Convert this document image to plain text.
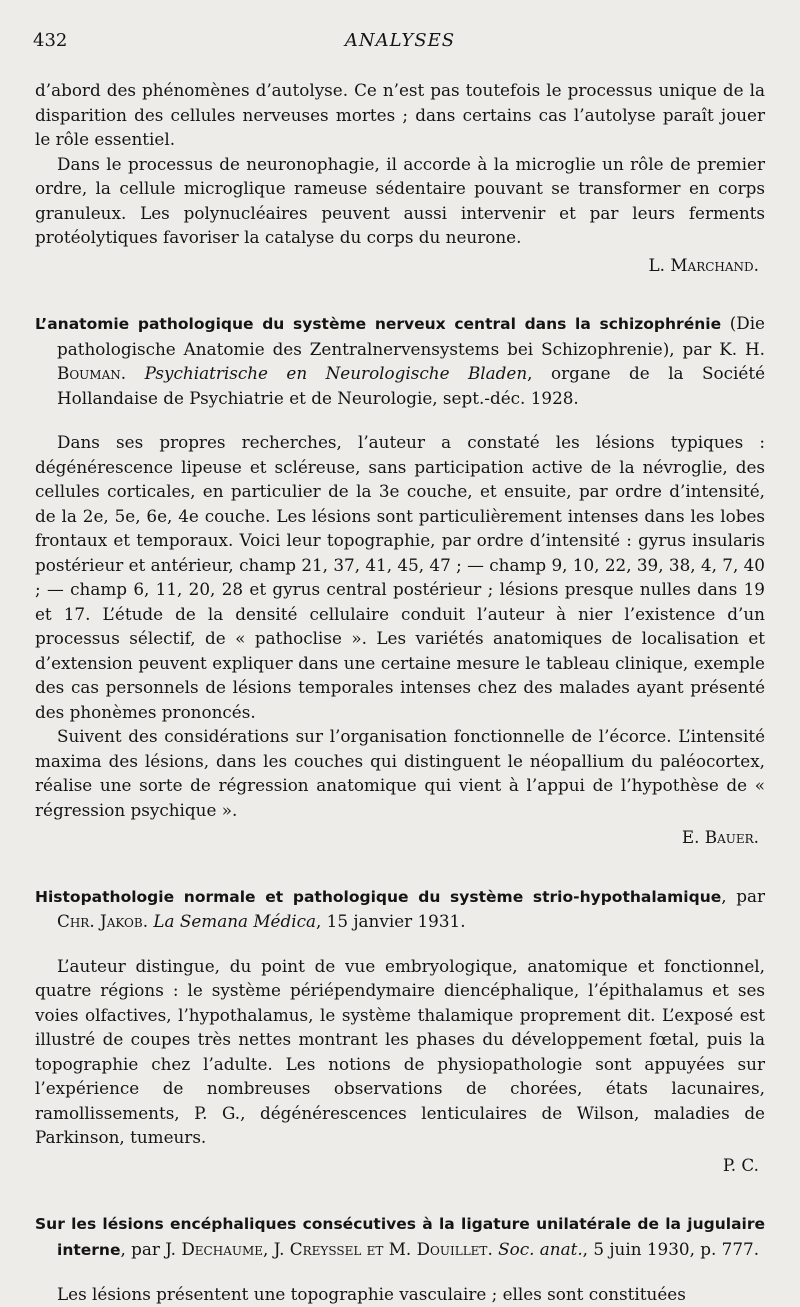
432	ANALYSES

d’abord des phénomènes d’autolyse. Ce n’est pas toutefois le processus unique de la disparition des cellules nerveuses mortes ; dans certains cas l’autolyse paraît jouer le rôle essentiel.

Dans le processus de neuronophagie, il accorde à la microglie un rôle de premier ordre, la cellule microglique rameuse sédentaire pouvant se transformer en corps granuleux. Les polynucléaires peuvent aussi intervenir et par leurs ferments protéolytiques favoriser la catalyse du corps du neurone.

L. Marchand.

L’anatomie pathologique du système nerveux central dans la schizophrénie (Die pathologische Anatomie des Zentralnervensystems bei Schizophrenie), par K. H. Bouman. Psychiatrische en Neurologische Bladen, organe de la Société Hollandaise de Psychiatrie et de Neurologie, sept.-déc. 1928.

Dans ses propres recherches, l’auteur a constaté les lésions typiques : dégénérescence lipeuse et scléreuse, sans participation active de la névroglie, des cellules corticales, en particulier de la 3e couche, et ensuite, par ordre d’intensité, de la 2e, 5e, 6e, 4e couche. Les lésions sont particulièrement intenses dans les lobes frontaux et temporaux. Voici leur topographie, par ordre d’intensité : gyrus insularis postérieur et antérieur, champ 21, 37, 41, 45, 47 ; — champ 9, 10, 22, 39, 38, 4, 7, 40 ; — champ 6, 11, 20, 28 et gyrus central postérieur ; lésions presque nulles dans 19 et 17. L’étude de la densité cellulaire conduit l’auteur à nier l’existence d’un processus sélectif, de « pathoclise ». Les variétés anatomiques de localisation et d’extension peuvent expliquer dans une certaine mesure le tableau clinique, exemple des cas personnels de lésions temporales intenses chez des malades ayant présenté des phonèmes prononcés.

Suivent des considérations sur l’organisation fonctionnelle de l’écorce. L’intensité maxima des lésions, dans les couches qui distinguent le néopallium du paléocortex, réalise une sorte de régression anatomique qui vient à l’appui de l’hypothèse de « régression psychique ».

E. Bauer.

Histopathologie normale et pathologique du système strio-hypothalamique, par Chr. Jakob. La Semana Médica, 15 janvier 1931.

L’auteur distingue, du point de vue embryologique, anatomique et fonctionnel, quatre régions : le système périépendymaire diencéphalique, l’épithalamus et ses voies olfactives, l’hypothalamus, le système thalamique proprement dit. L’exposé est illustré de coupes très nettes montrant les phases du développement fœtal, puis la topographie chez l’adulte. Les notions de physiopathologie sont appuyées sur l’expérience de nombreuses observations de chorées, états lacunaires, ramollissements, P. G., dégénérescences lenticulaires de Wilson, maladies de Parkinson, tumeurs.

P. C.

Sur les lésions encéphaliques consécutives à la ligature unilatérale de la jugulaire interne, par J. Dechaume, J. Creyssel et M. Douillet. Soc. anat., 5 juin 1930, p. 777.

Les lésions présentent une topographie vasculaire ; elles sont constituées
